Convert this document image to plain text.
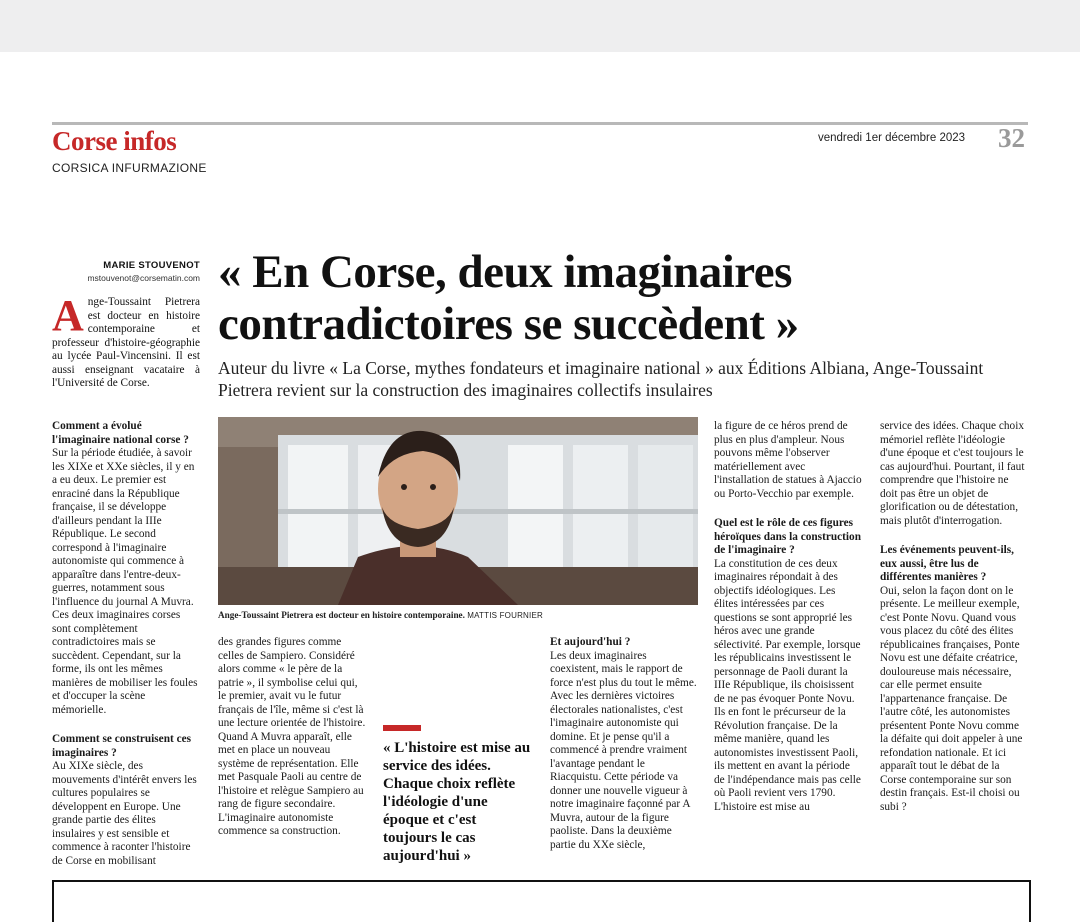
Corse infos
CORSICA INFURMAZIONE
vendredi 1er décembre 2023 32
MARIE STOUVENOT
mstouvenot@corsematin.com « En Corse, deux imaginaires contradictoires se succèdent »
Auteur du livre « La Corse, mythes fondateurs et imaginaire national » aux Éditions Albiana, Ange-Toussaint Pietrera revient sur la construction des imaginaires collectifs insulaires
Ange-Toussaint Pietrera est docteur en histoire contemporaine et professeur d'histoire-géographie au lycée Paul-Vincensini. Il est aussi enseignant vacataire à l'Université de Corse.

Comment a évolué l'imaginaire national corse ?

Sur la période étudiée, à savoir les XIXe et XXe siècles, il y en a eu deux. Le premier est enraciné dans la République française, il se développe d'ailleurs pendant la IIIe République. Le second correspond à l'imaginaire autonomiste qui commence à apparaître dans l'entre-deux-guerres, notamment sous l'influence du journal A Muvra. Ces deux imaginaires corses sont complètement contradictoires mais se succèdent. Cependant, sur la forme, ils ont les mêmes manières de mobiliser les foules et d'occuper la scène mémorielle.

Comment se construisent ces imaginaires ?

Au XIXe siècle, des mouvements d'intérêt envers les cultures populaires se développent en Europe. Une grande partie des élites insulaires y est sensible et commence à raconter l'histoire de Corse en mobilisant

Ange-Toussaint Pietrera est docteur en histoire contemporaine. MATTIS FOURNIER

des grandes figures comme celles de Sampiero. Considéré alors comme « le père de la patrie », il symbolise celui qui, le premier, avait vu le futur français de l'île, même si c'est là une lecture orientée de l'histoire. Quand A Muvra apparaît, elle met en place un nouveau système de représentation. Elle met Pasquale Paoli au centre de l'histoire et relègue Sampiero au rang de figure secondaire. L'imaginaire autonomiste commence sa construction.

« L'histoire est mise au service des idées. Chaque choix reflète l'idéologie d'une époque et c'est toujours le cas aujourd'hui »

Et aujourd'hui ?

Les deux imaginaires coexistent, mais le rapport de force n'est plus du tout le même. Avec les dernières victoires électorales nationalistes, c'est l'imaginaire autonomiste qui domine. Et je pense qu'il a commencé à prendre vraiment l'avantage pendant le Riacquistu. Cette période va donner une nouvelle vigueur à notre imaginaire façonné par A Muvra, autour de la figure paoliste. Dans la deuxième partie du XXe siècle,

la figure de ce héros prend de plus en plus d'ampleur. Nous pouvons même l'observer matériellement avec l'installation de statues à Ajaccio ou Porto-Vecchio par exemple.

Quel est le rôle de ces figures héroïques dans la construction de l'imaginaire ?

La constitution de ces deux imaginaires répondait à des objectifs idéologiques. Les élites intéressées par ces questions se sont approprié les héros avec une grande sélectivité. Par exemple, lorsque les républicains investissent le personnage de Paoli durant la IIIe République, ils choisissent de ne pas évoquer Ponte Novu. Ils en font le précurseur de la Révolution française. De la même manière, quand les autonomistes investissent Paoli, ils mettent en avant la période de l'indépendance mais pas celle où Paoli revient vers 1790. L'histoire est mise au

service des idées. Chaque choix mémoriel reflète l'idéologie d'une époque et c'est toujours le cas aujourd'hui. Pourtant, il faut comprendre que l'histoire ne doit pas être un objet de glorification ou de détestation, mais plutôt d'interrogation.

Les événements peuvent-ils, eux aussi, être lus de différentes manières ?

Oui, selon la façon dont on le présente. Le meilleur exemple, c'est Ponte Novu. Quand vous vous placez du côté des élites républicaines françaises, Ponte Novu est une défaite créatrice, douloureuse mais nécessaire, car elle permet ensuite l'appartenance française. De l'autre côté, les autonomistes présentent Ponte Novu comme la défaite qui doit appeler à une refondation nationale. Et ici apparaît tout le débat de la Corse contemporaine sur son destin français. Est-il choisi ou subi ?
